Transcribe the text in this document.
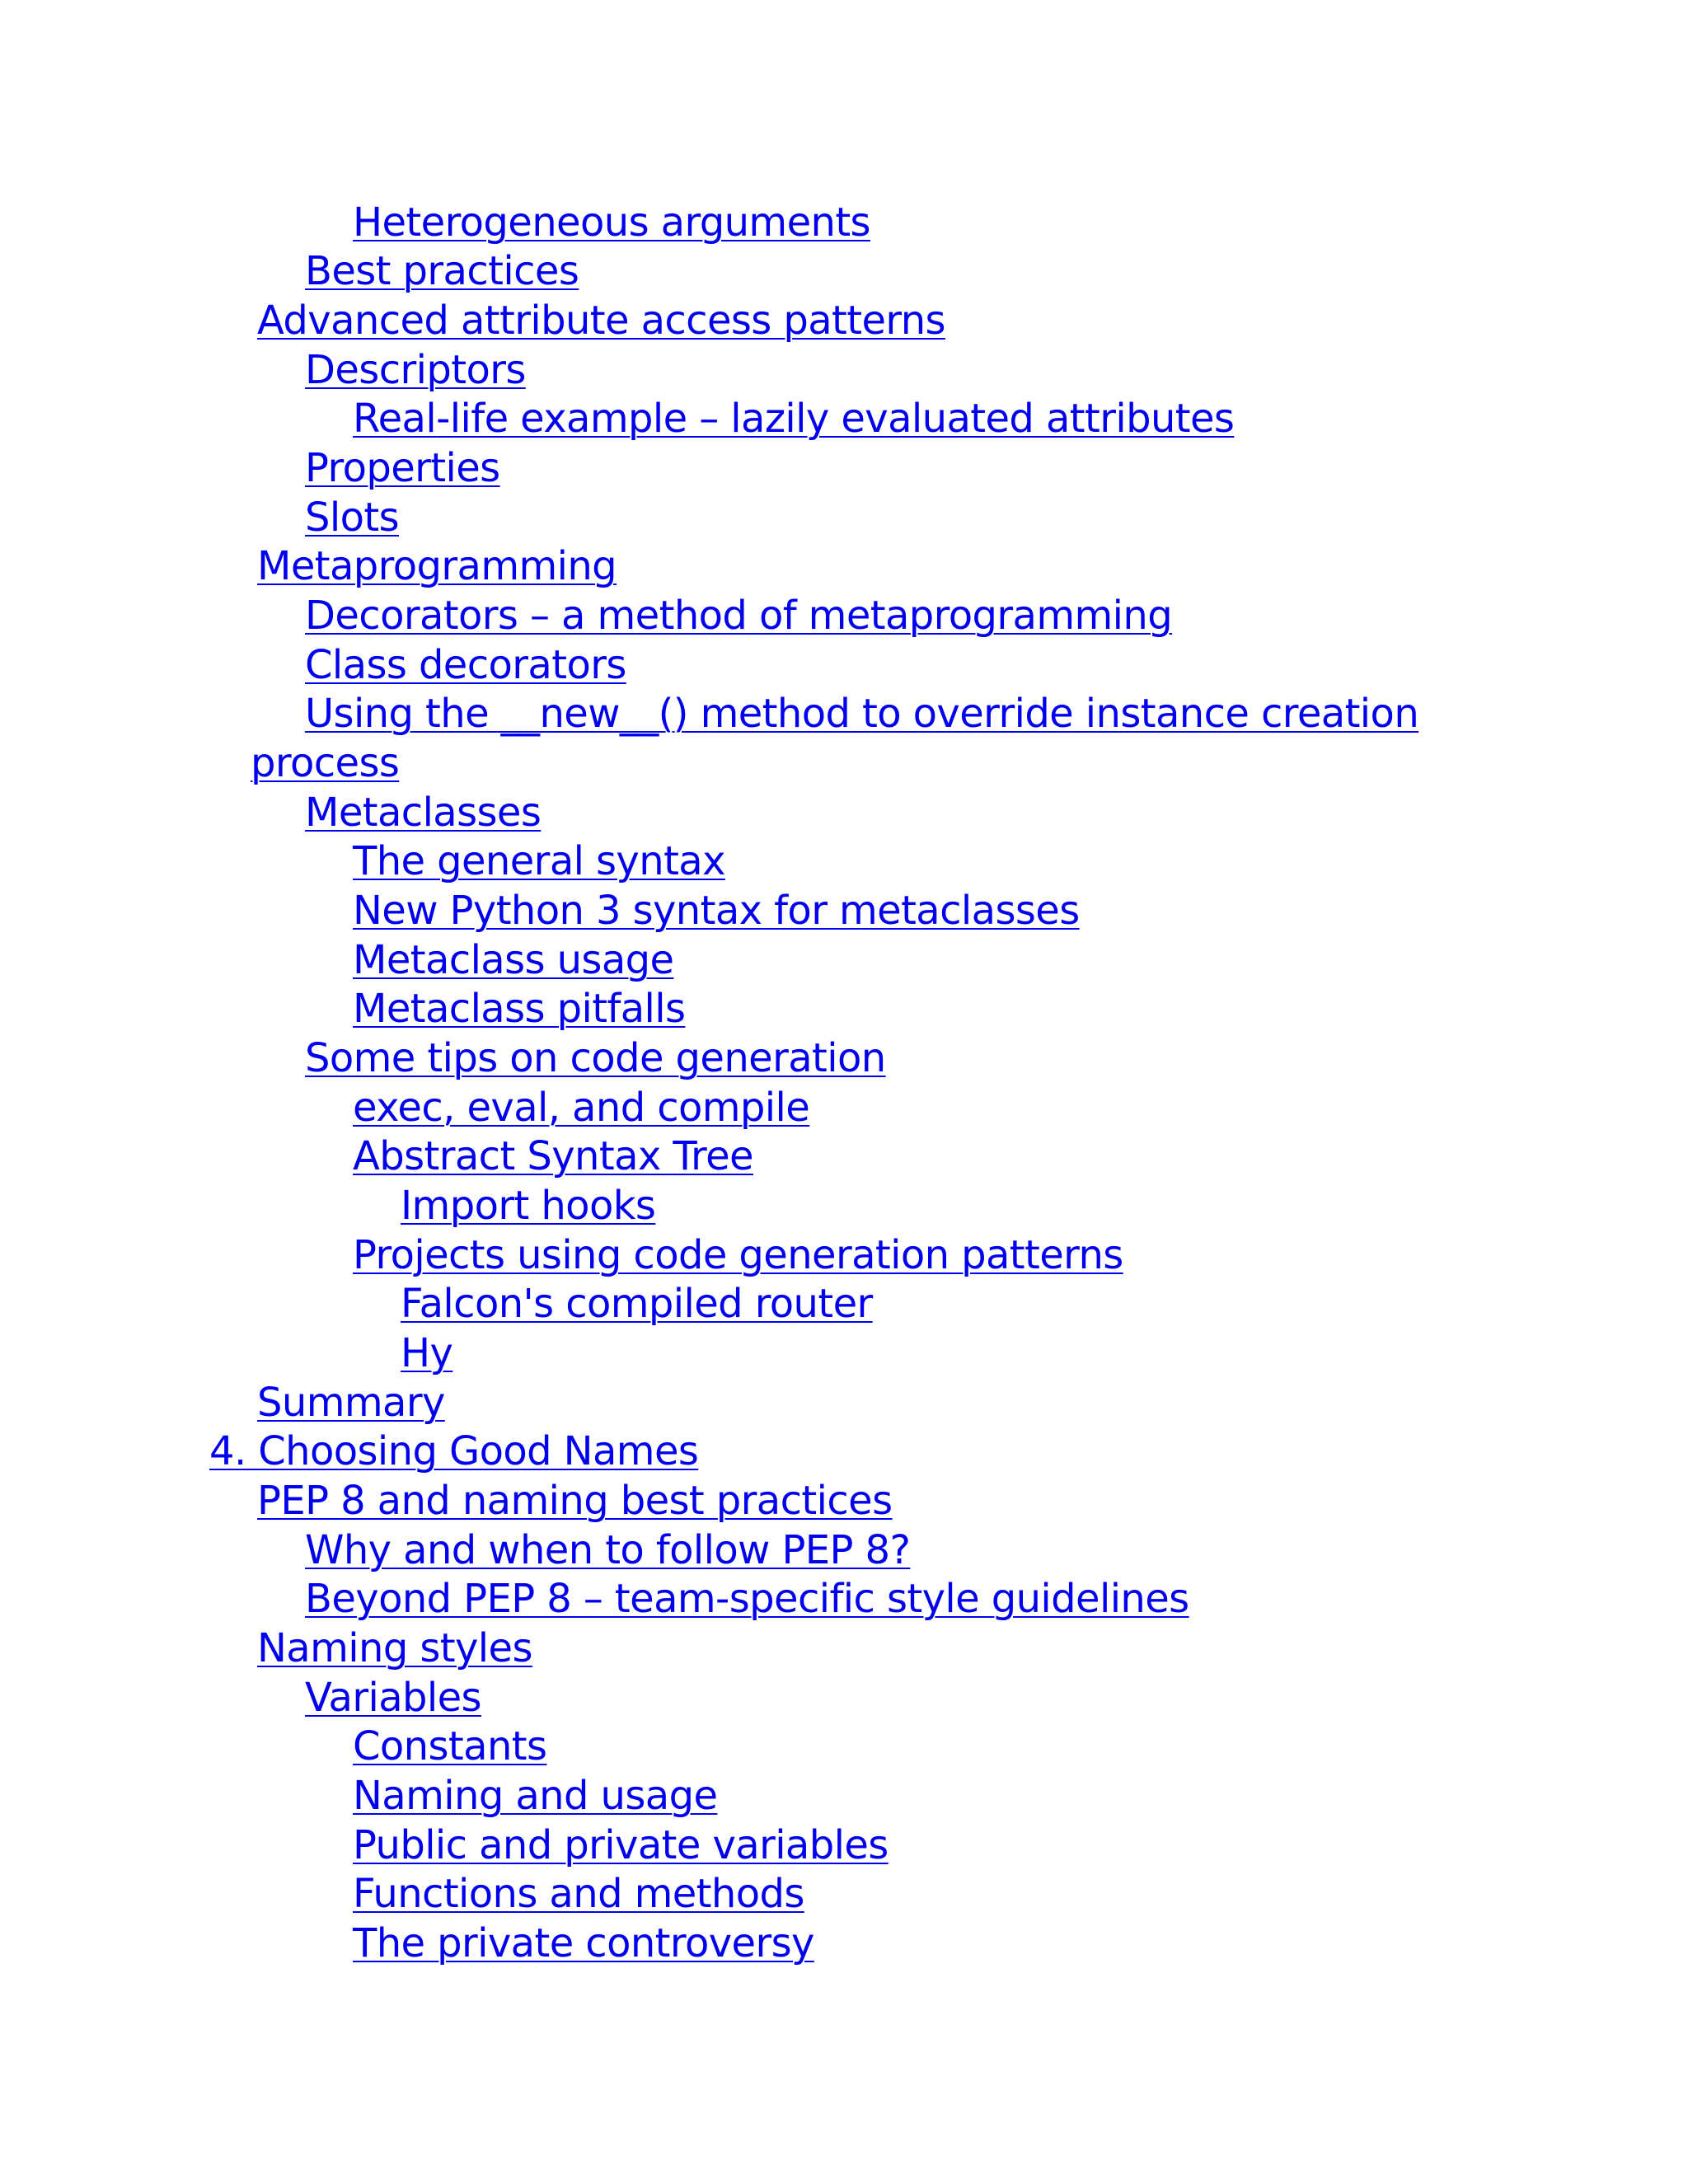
Heterogeneous arguments
Best practices
Advanced attribute access patterns
Descriptors
Real-life example – lazily evaluated attributes
Properties
Slots
Metaprogramming
Decorators – a method of metaprogramming
Class decorators
Using the __new__() method to override instance creation
process
Metaclasses
The general syntax
New Python 3 syntax for metaclasses
Metaclass usage
Metaclass pitfalls
Some tips on code generation
exec, eval, and compile
Abstract Syntax Tree
Import hooks
Projects using code generation patterns
Falcon's compiled router
Hy
Summary
4. Choosing Good Names
PEP 8 and naming best practices
Why and when to follow PEP 8?
Beyond PEP 8 – team-specific style guidelines
Naming styles
Variables
Constants
Naming and usage
Public and private variables
Functions and methods
The private controversy
